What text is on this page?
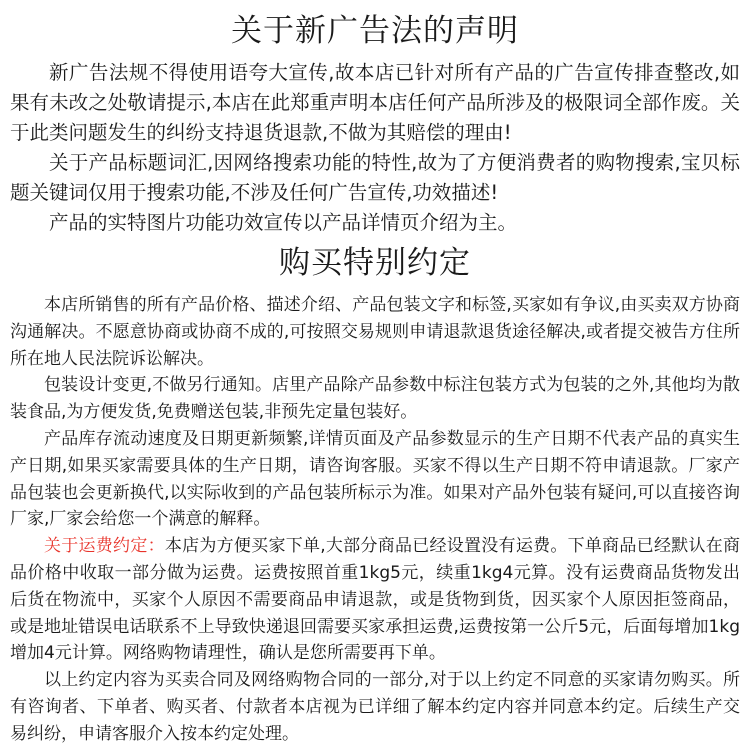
关于新广告法的声明

新广告法规不得使用语夸大宣传,故本店已针对所有产品的广告宣传排查整改,如果有未改之处敬请提示,本店在此郑重声明本店任何产品所涉及的极限词全部作废。关于此类问题发生的纠纷支持退货退款,不做为其赔偿的理由!

关于产品标题词汇,因网络搜索功能的特性,故为了方便消费者的购物搜索,宝贝标题关键词仅用于搜索功能,不涉及任何广告宣传,功效描述!

产品的实特图片功能功效宣传以产品详情页介绍为主。

购买特别约定

本店所销售的所有产品价格、描述介绍、产品包装文字和标签,买家如有争议,由买卖双方协商沟通解决。不愿意协商或协商不成的,可按照交易规则申请退款退货途径解决,或者提交被告方住所所在地人民法院诉讼解决。

包装设计变更,不做另行通知。店里产品除产品参数中标注包装方式为包装的之外,其他均为散装食品,为方便发货,免费赠送包装,非预先定量包装好。

产品库存流动速度及日期更新频繁,详情页面及产品参数显示的生产日期不代表产品的真实生产日期,如果买家需要具体的生产日期，请咨询客服。买家不得以生产日期不符申请退款。厂家产品包装也会更新换代,以实际收到的产品包装所标示为准。如果对产品外包装有疑问,可以直接咨询厂家,厂家会给您一个满意的解释。

关于运费约定：本店为方便买家下单,大部分商品已经设置没有运费。下单商品已经默认在商品价格中收取一部分做为运费。运费按照首重1kg5元，续重1kg4元算。没有运费商品货物发出后货在物流中，买家个人原因不需要商品申请退款，或是货物到货，因买家个人原因拒签商品，或是地址错误电话联系不上导致快递退回需要买家承担运费,运费按第一公斤5元，后面每增加1kg增加4元计算。网络购物请理性，确认是您所需要再下单。

以上约定内容为买卖合同及网络购物合同的一部分,对于以上约定不同意的买家请勿购买。所有咨询者、下单者、购买者、付款者本店视为已详细了解本约定内容并同意本约定。后续生产交易纠纷，申请客服介入按本约定处理。
